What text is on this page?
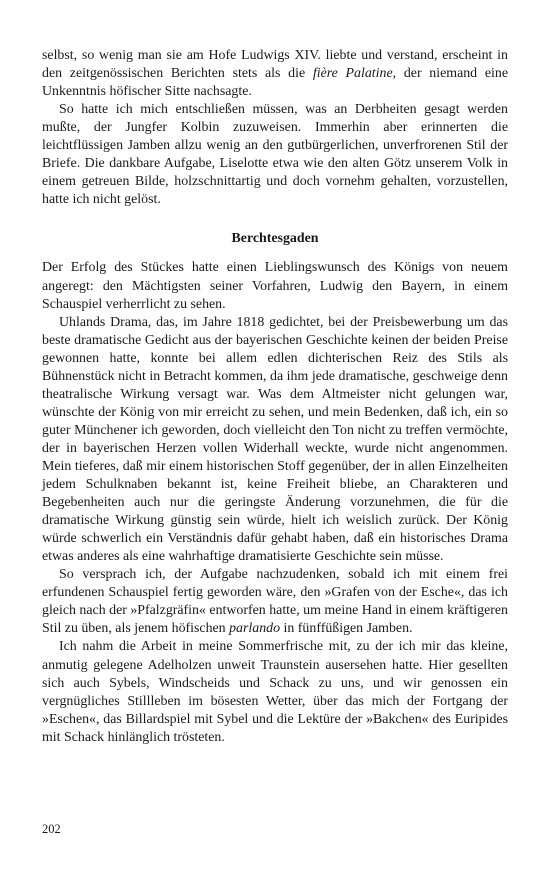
selbst, so wenig man sie am Hofe Ludwigs XIV. liebte und verstand, erscheint in den zeitgenössischen Berichten stets als die fière Palatine, der niemand eine Unkenntnis höfischer Sitte nachsagte.

So hatte ich mich entschließen müssen, was an Derbheiten gesagt werden mußte, der Jungfer Kolbin zuzuweisen. Immerhin aber erinnerten die leichtflüssigen Jamben allzu wenig an den gutbürgerlichen, unverfrorenen Stil der Briefe. Die dankbare Aufgabe, Liselotte etwa wie den alten Götz unserem Volk in einem getreuen Bilde, holzschnittartig und doch vornehm gehalten, vorzustellen, hatte ich nicht gelöst.

Berchtesgaden

Der Erfolg des Stückes hatte einen Lieblingswunsch des Königs von neuem angeregt: den Mächtigsten seiner Vorfahren, Ludwig den Bayern, in einem Schauspiel verherrlicht zu sehen.

Uhlands Drama, das, im Jahre 1818 gedichtet, bei der Preisbewerbung um das beste dramatische Gedicht aus der bayerischen Geschichte keinen der beiden Preise gewonnen hatte, konnte bei allem edlen dichterischen Reiz des Stils als Bühnenstück nicht in Betracht kommen, da ihm jede dramatische, geschweige denn theatralische Wirkung versagt war. Was dem Altmeister nicht gelungen war, wünschte der König von mir erreicht zu sehen, und mein Bedenken, daß ich, ein so guter Münchener ich geworden, doch vielleicht den Ton nicht zu treffen vermöchte, der in bayerischen Herzen vollen Widerhall weckte, wurde nicht angenommen. Mein tieferes, daß mir einem historischen Stoff gegenüber, der in allen Einzelheiten jedem Schulknaben bekannt ist, keine Freiheit bliebe, an Charakteren und Begebenheiten auch nur die geringste Änderung vorzunehmen, die für die dramatische Wirkung günstig sein würde, hielt ich weislich zurück. Der König würde schwerlich ein Verständnis dafür gehabt haben, daß ein historisches Drama etwas anderes als eine wahrhaftige dramatisierte Geschichte sein müsse.

So versprach ich, der Aufgabe nachzudenken, sobald ich mit einem frei erfundenen Schauspiel fertig geworden wäre, den »Grafen von der Esche«, das ich gleich nach der »Pfalzgräfin« entworfen hatte, um meine Hand in einem kräftigeren Stil zu üben, als jenem höfischen parlando in fünffüßigen Jamben.

Ich nahm die Arbeit in meine Sommerfrische mit, zu der ich mir das kleine, anmutig gelegene Adelholzen unweit Traunstein ausersehen hatte. Hier gesellten sich auch Sybels, Windscheids und Schack zu uns, und wir genossen ein vergnügliches Stillleben im bösesten Wetter, über das mich der Fortgang der »Eschen«, das Billardspiel mit Sybel und die Lektüre der »Bakchen« des Euripides mit Schack hinlänglich trösteten.

202
